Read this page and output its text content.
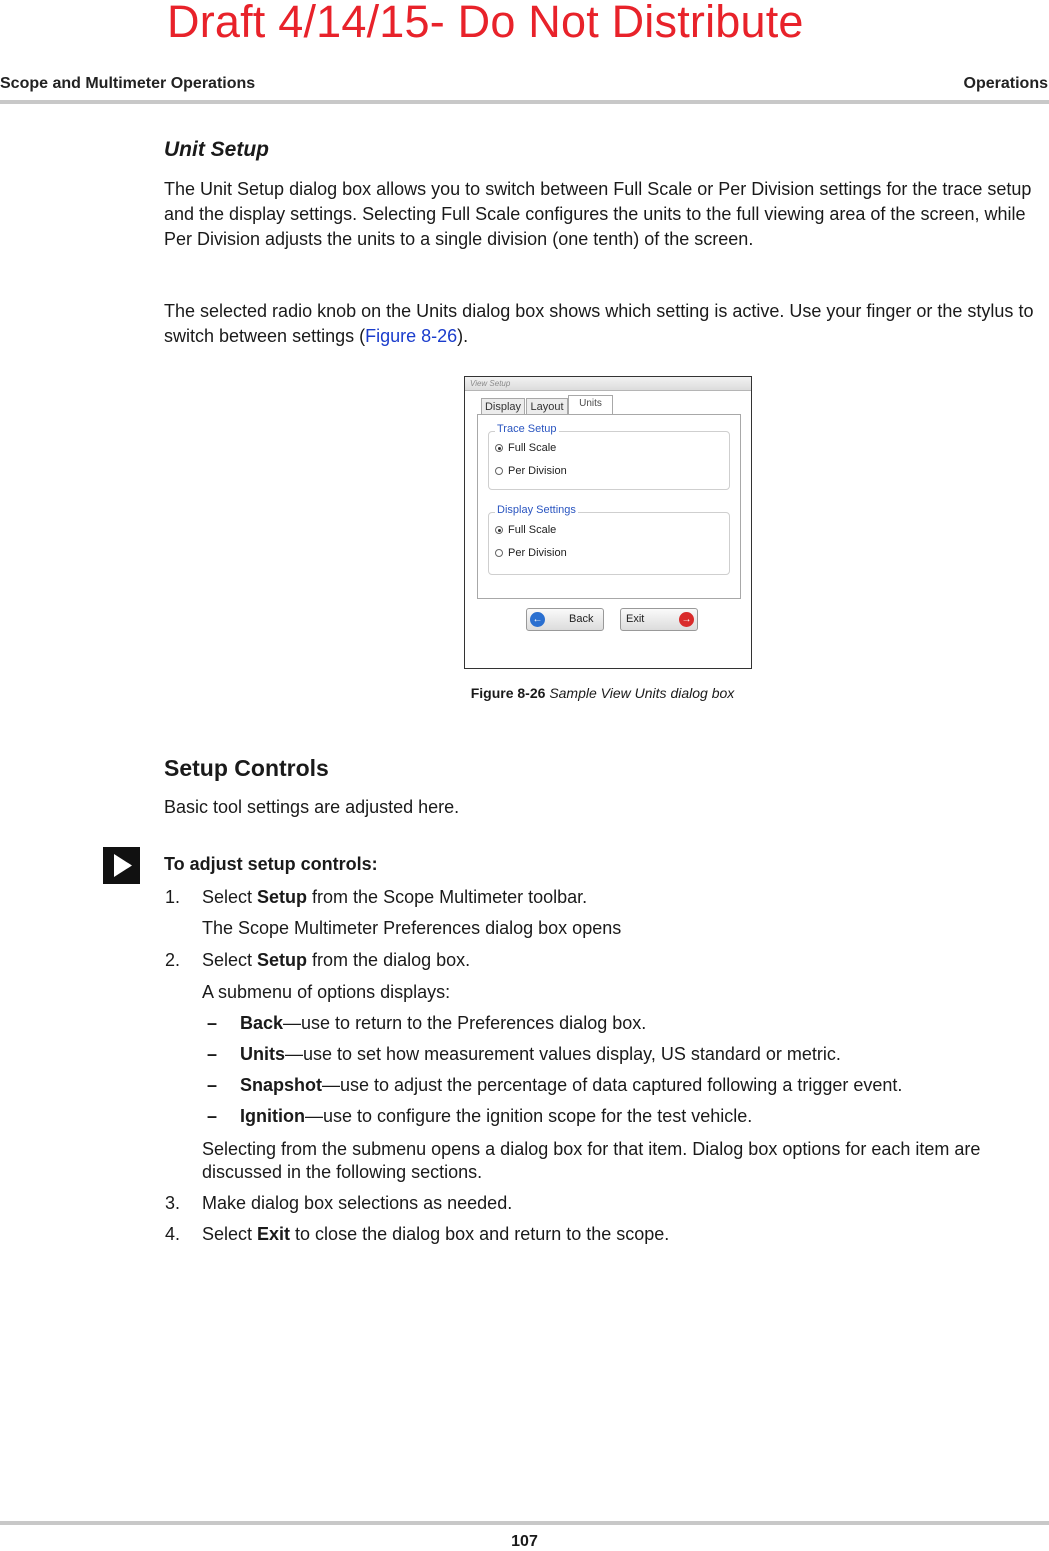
Draft 4/14/15- Do Not Distribute
Scope and Multimeter Operations	Operations
Unit Setup
The Unit Setup dialog box allows you to switch between Full Scale or Per Division settings for the trace setup and the display settings. Selecting Full Scale configures the units to the full viewing area of the screen, while Per Division adjusts the units to a single division (one tenth) of the screen.
The selected radio knob on the Units dialog box shows which setting is active. Use your finger or the stylus to switch between settings (Figure 8-26).
View Setup
Display Layout	Units
Trace Setup
Full Scale
Per Division
Display Settings
Full Scale
Per Division
← Back	Exit	→
Figure 8-26 Sample View Units dialog box
Setup Controls
Basic tool settings are adjusted here.
To adjust setup controls:
1. Select Setup from the Scope Multimeter toolbar.
The Scope Multimeter Preferences dialog box opens
2. Select Setup from the dialog box.
A submenu of options displays:
– Back—use to return to the Preferences dialog box.
– Units—use to set how measurement values display, US standard or metric.
– Snapshot—use to adjust the percentage of data captured following a trigger event.
– Ignition—use to configure the ignition scope for the test vehicle.
Selecting from the submenu opens a dialog box for that item. Dialog box options for each item are discussed in the following sections.
3. Make dialog box selections as needed.
4. Select Exit to close the dialog box and return to the scope.
107
